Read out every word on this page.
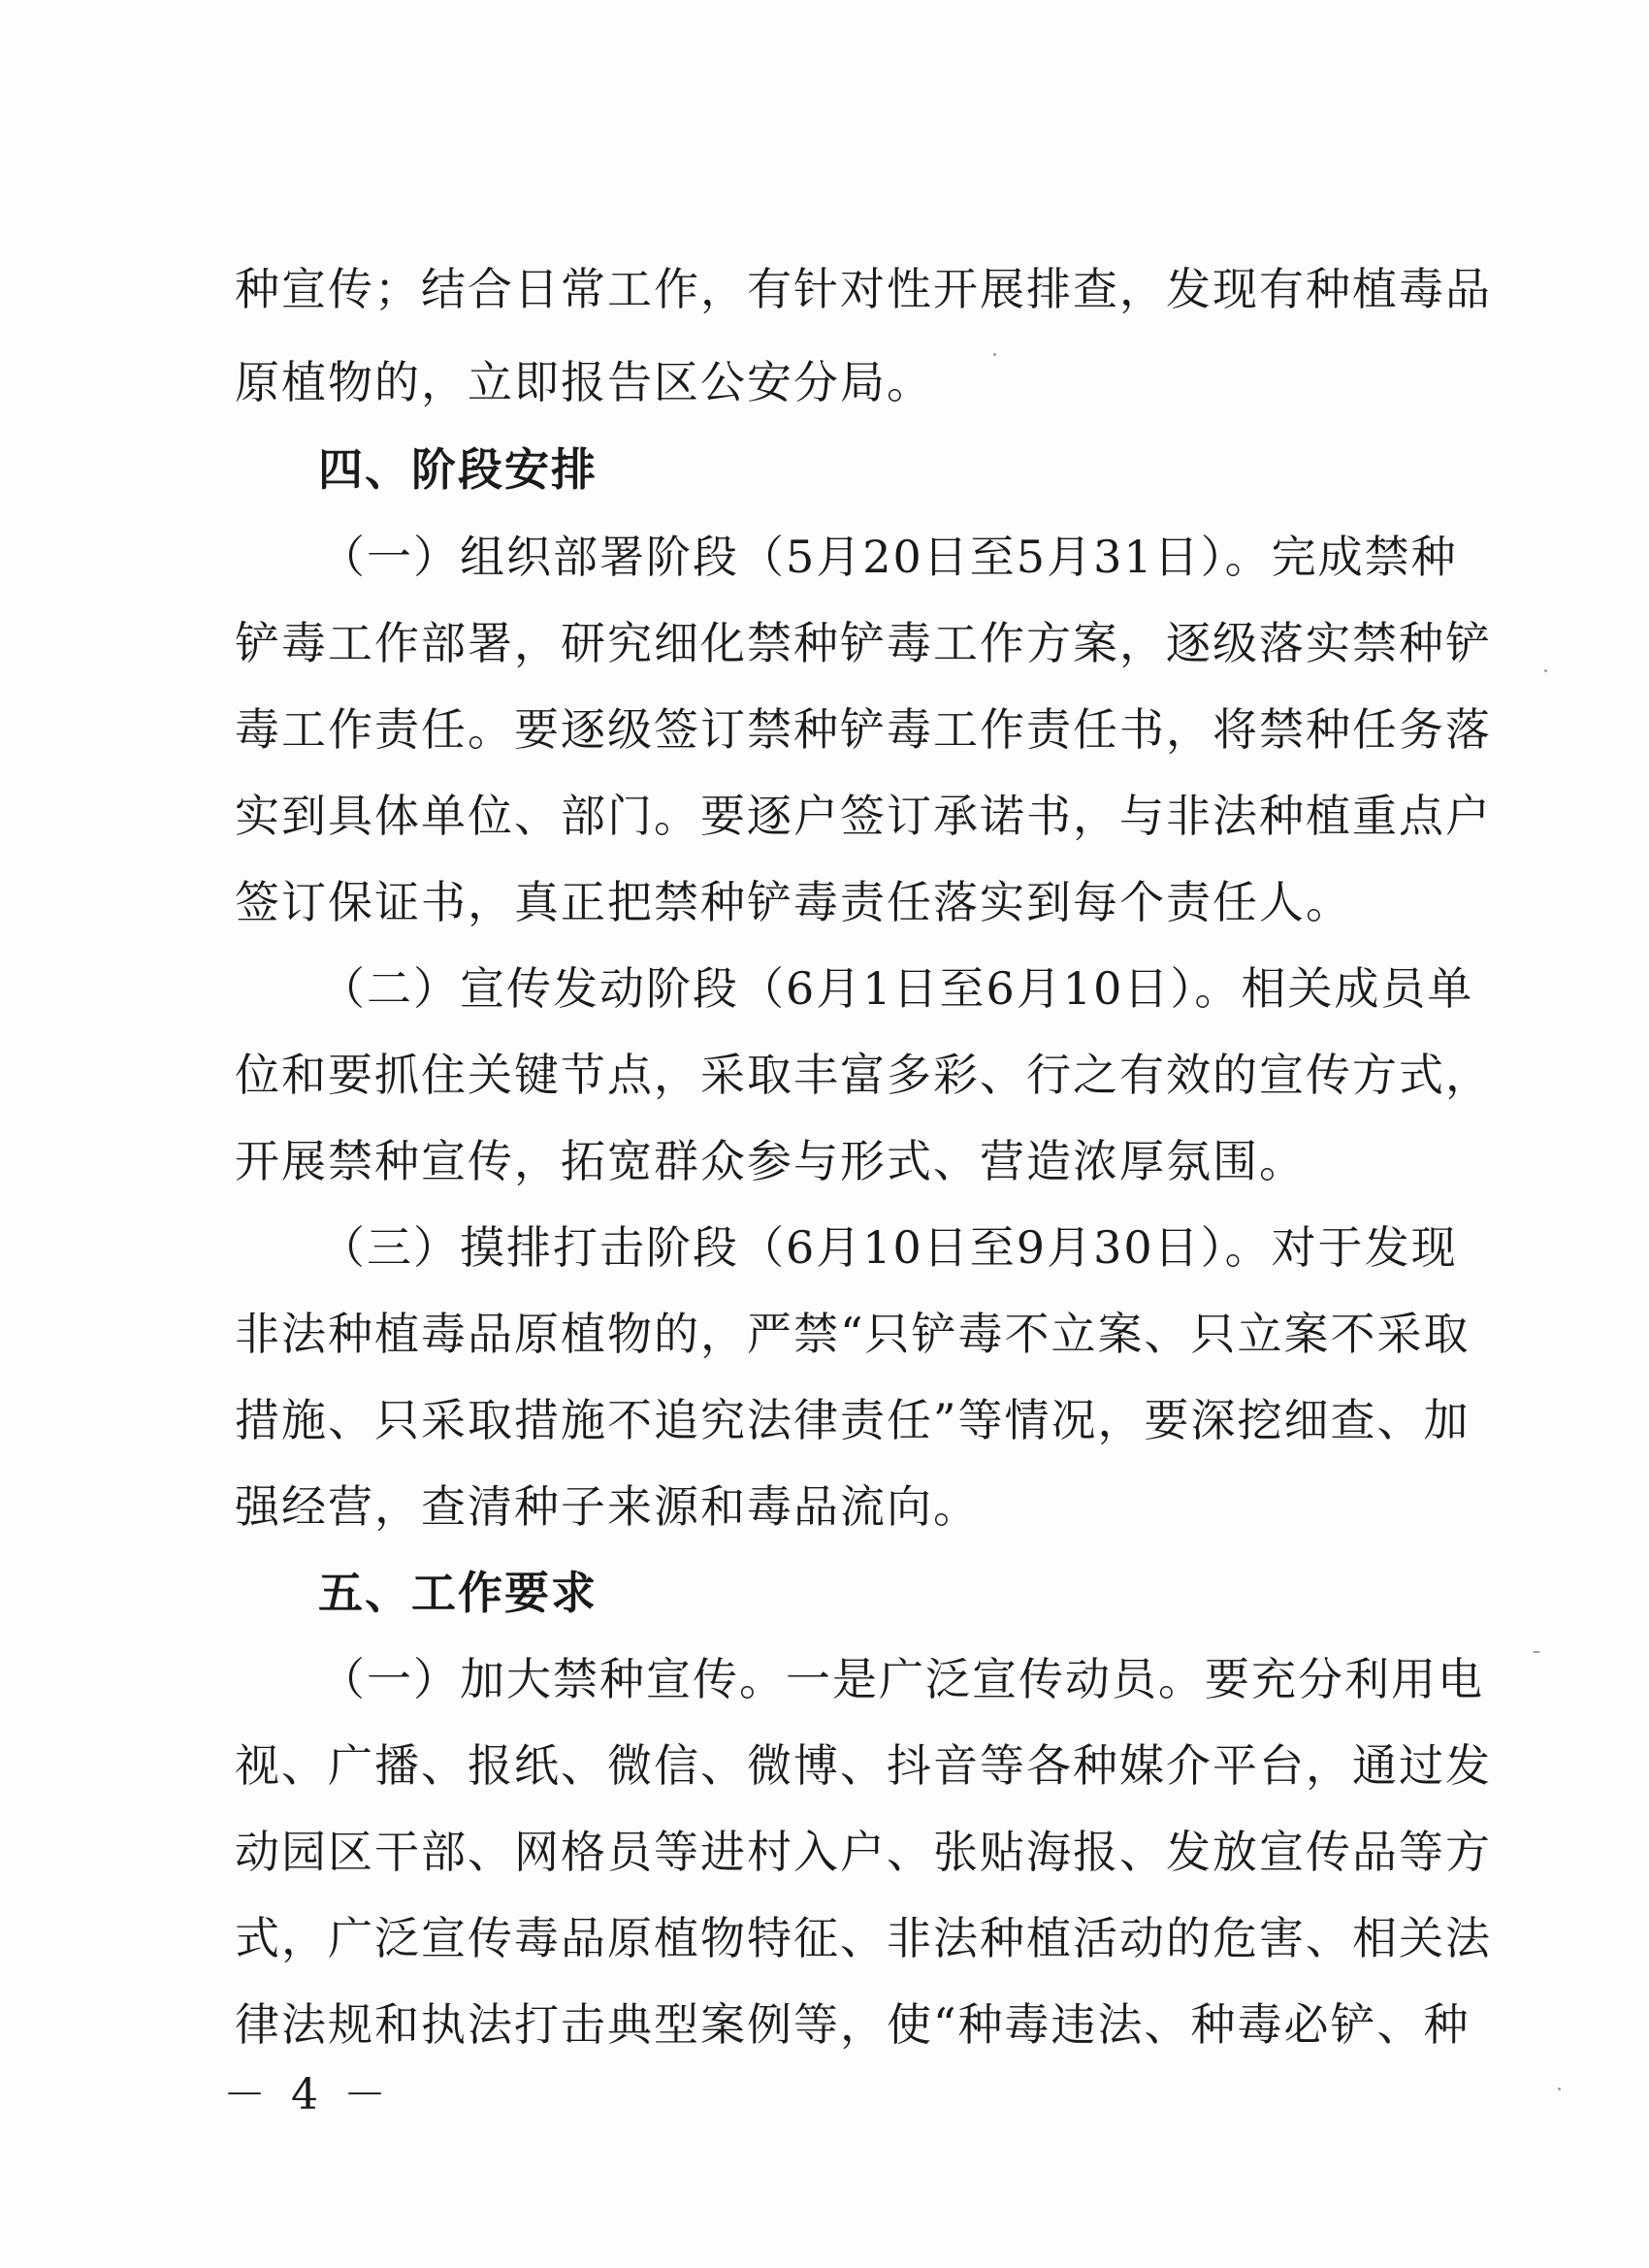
种宣传；结合日常工作，有针对性开展排查，发现有种植毒品
原植物的，立即报告区公安分局。
四、阶段安排
（一）组织部署阶段（5月20日至5月31日）。完成禁种
铲毒工作部署，研究细化禁种铲毒工作方案，逐级落实禁种铲
毒工作责任。要逐级签订禁种铲毒工作责任书，将禁种任务落
实到具体单位、部门。要逐户签订承诺书，与非法种植重点户
签订保证书，真正把禁种铲毒责任落实到每个责任人。
（二）宣传发动阶段（6月1日至6月10日）。相关成员单
位和要抓住关键节点，采取丰富多彩、行之有效的宣传方式，
开展禁种宣传，拓宽群众参与形式、营造浓厚氛围。
（三）摸排打击阶段（6月10日至9月30日）。对于发现
非法种植毒品原植物的，严禁“只铲毒不立案、只立案不采取
措施、只采取措施不追究法律责任”等情况，要深挖细查、加
强经营，查清种子来源和毒品流向。
五、工作要求
（一）加大禁种宣传。一是广泛宣传动员。要充分利用电
视、广播、报纸、微信、微博、抖音等各种媒介平台，通过发
动园区干部、网格员等进村入户、张贴海报、发放宣传品等方
式，广泛宣传毒品原植物特征、非法种植活动的危害、相关法
律法规和执法打击典型案例等，使“种毒违法、种毒必铲、种
－ 4 －
